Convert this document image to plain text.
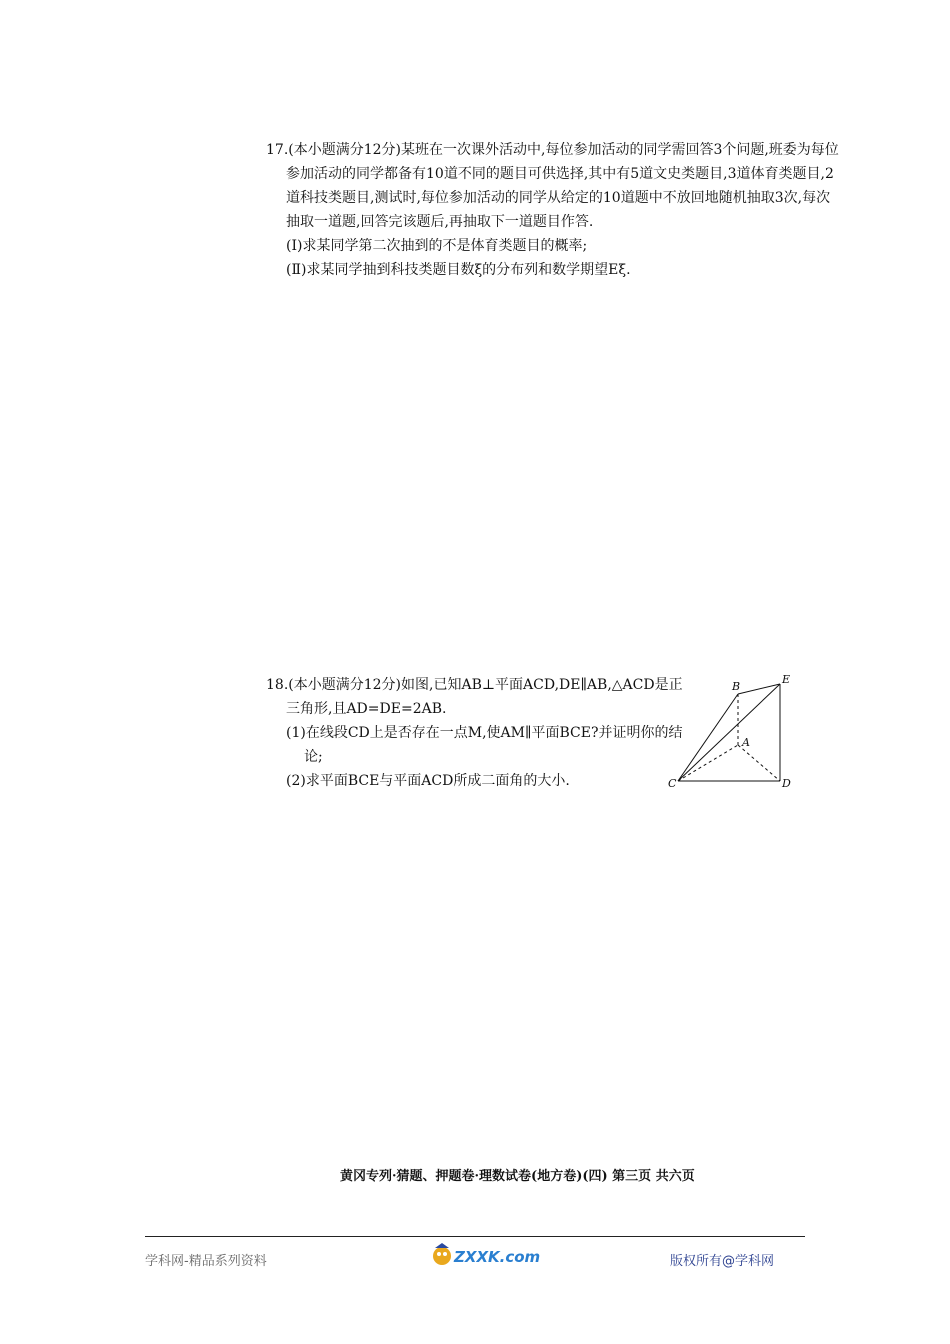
17.(本小题满分12分)某班在一次课外活动中,每位参加活动的同学需回答3个问题,班委为每位
参加活动的同学都备有10道不同的题目可供选择,其中有5道文史类题目,3道体育类题目,2
道科技类题目,测试时,每位参加活动的同学从给定的10道题中不放回地随机抽取3次,每次
抽取一道题,回答完该题后,再抽取下一道题目作答.
(Ⅰ)求某同学第二次抽到的不是体育类题目的概率;
(Ⅱ)求某同学抽到科技类题目数ξ的分布列和数学期望Eξ.
18.(本小题满分12分)如图,已知AB⊥平面ACD,DE∥AB,△ACD是正
三角形,且AD=DE=2AB.
(1)在线段CD上是否存在一点M,使AM∥平面BCE?并证明你的结
论;
(2)求平面BCE与平面ACD所成二面角的大小.
B
E
A
C	D
黄冈专列·猜题、押题卷·理数试卷(地方卷)(四) 第三页 共六页
学科网-精品系列资料	ZXXK.com	版权所有@学科网
